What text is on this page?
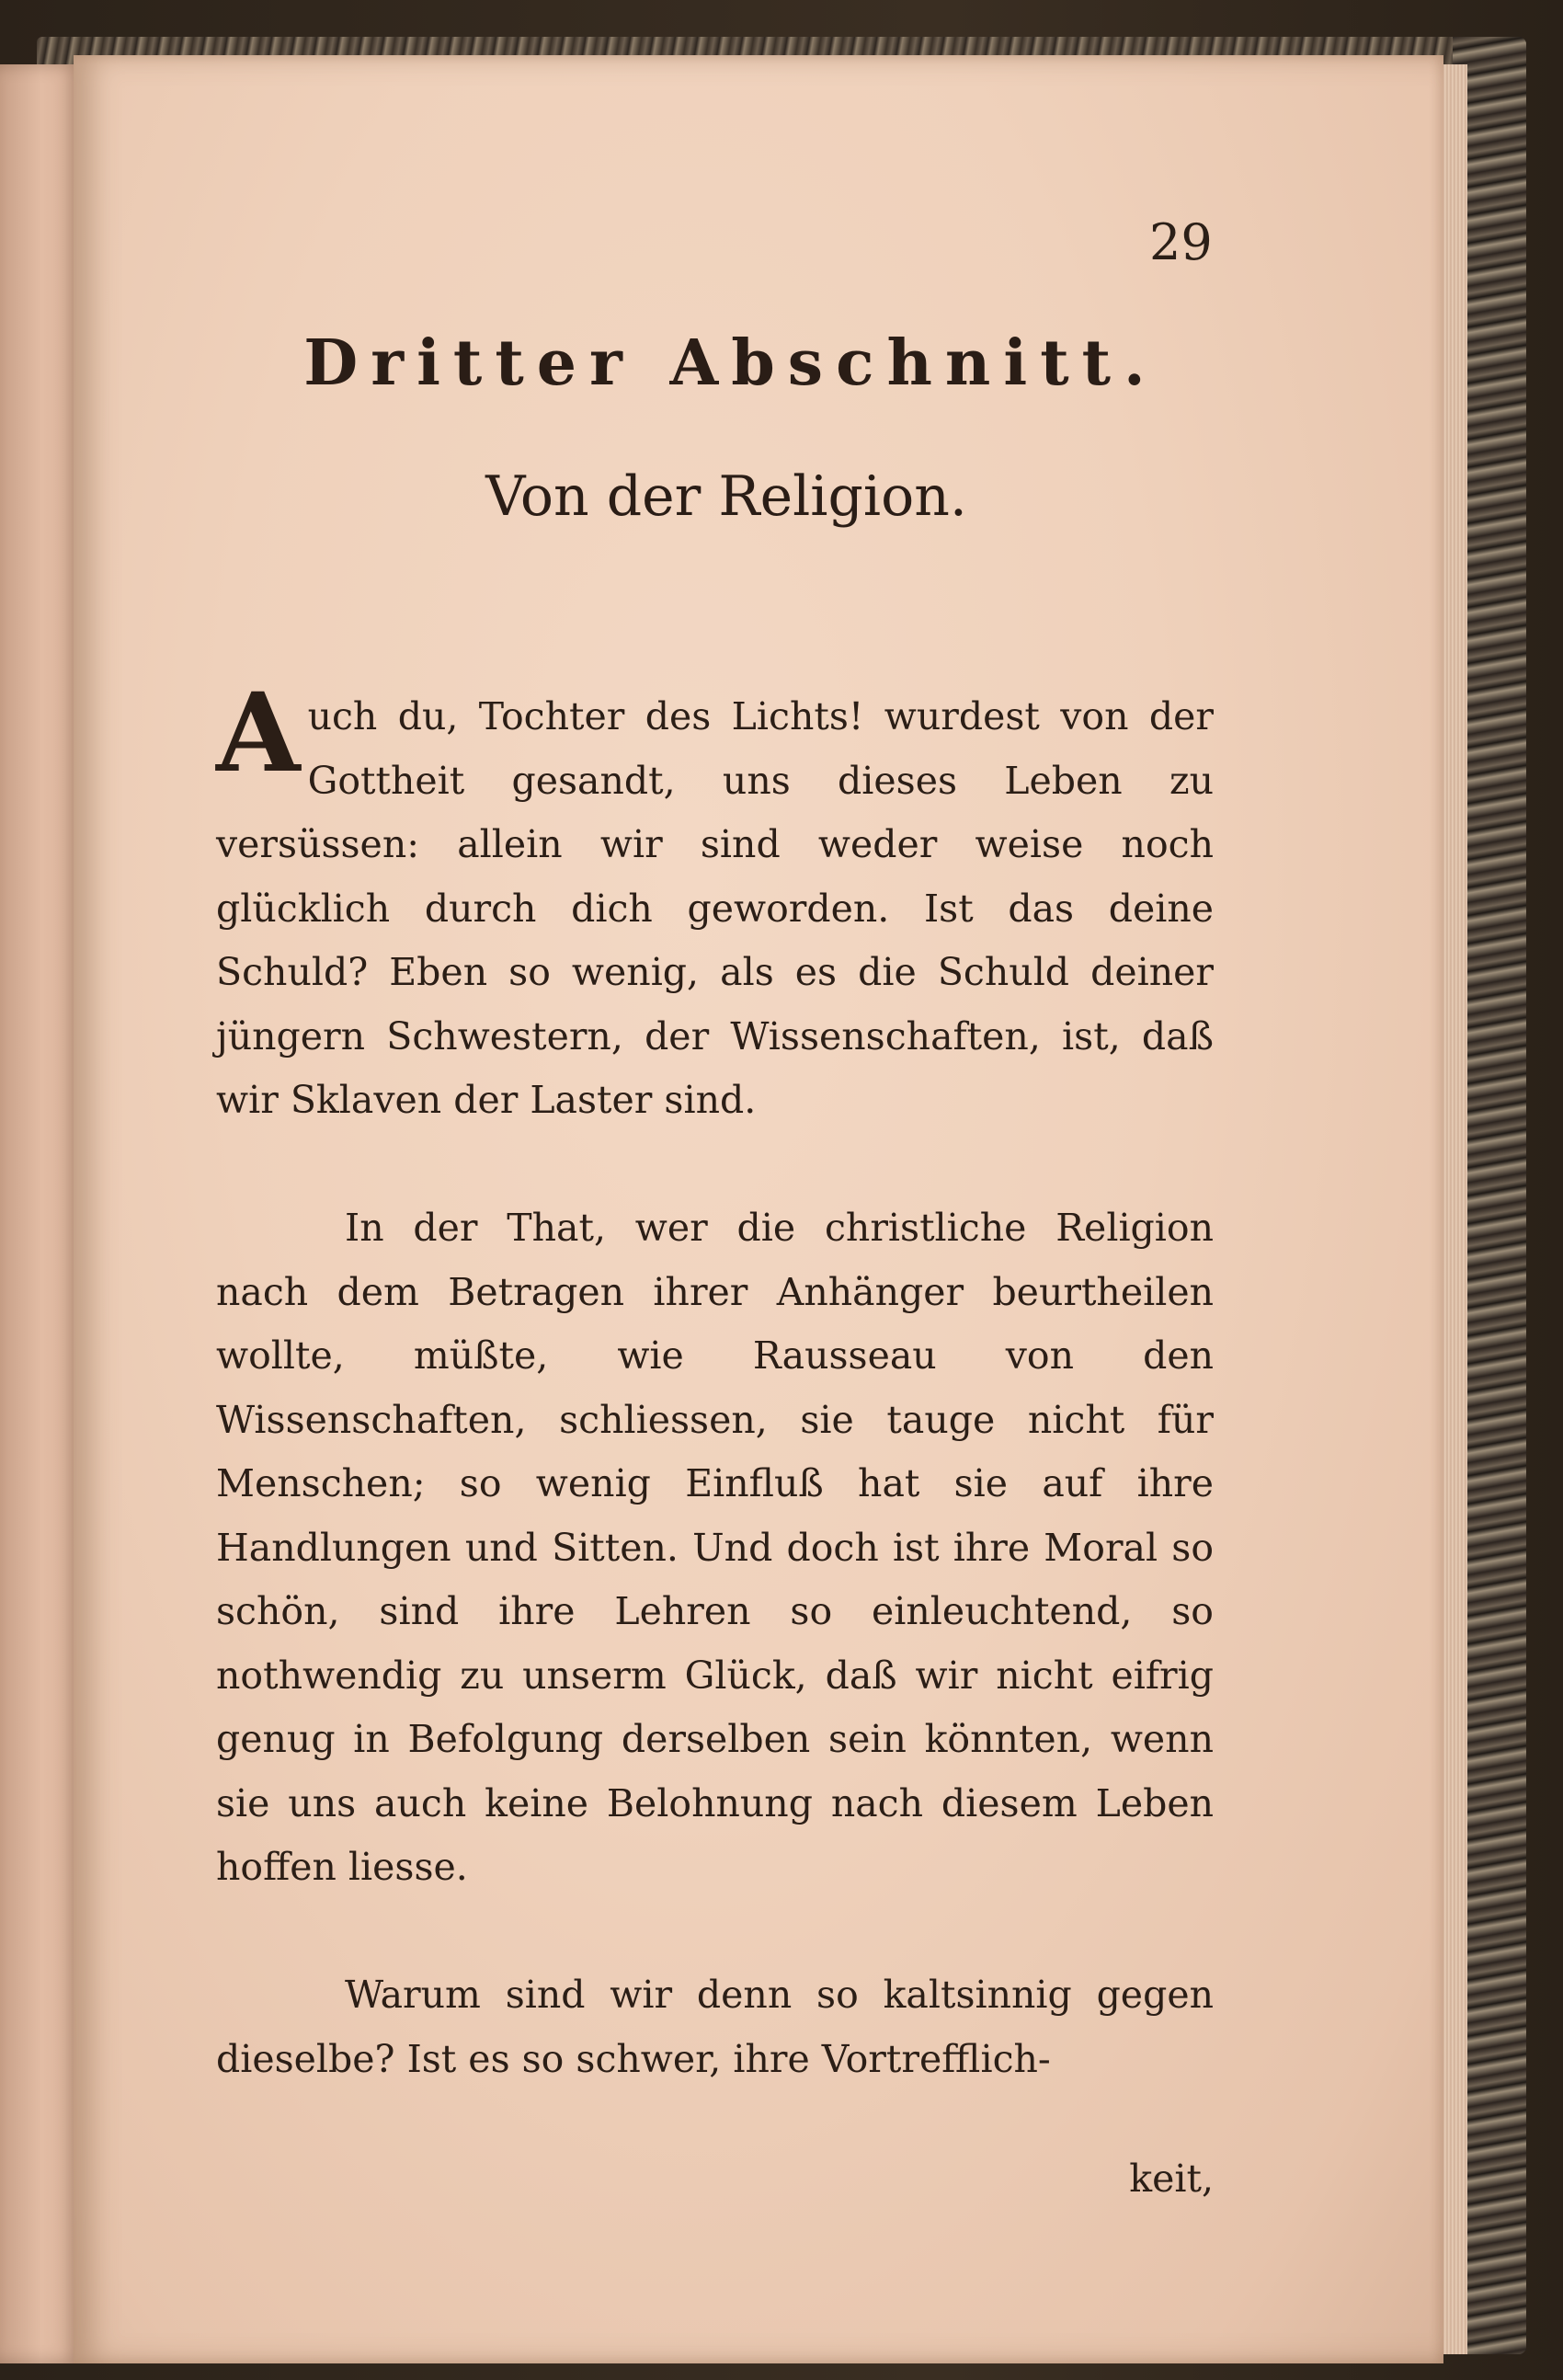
29
Dritter Abschnitt.
Von der Religion.

Auch du, Tochter des Lichts! wurdest von der Gottheit gesandt, uns dieses Leben zu versüssen: allein wir sind weder weise noch glücklich durch dich geworden. Ist das deine Schuld? Eben so wenig, als es die Schuld deiner jüngern Schwestern, der Wissenschaften, ist, daß wir Sklaven der Laster sind.

In der That, wer die christliche Religion nach dem Betragen ihrer Anhänger beurtheilen wollte, müßte, wie Rausseau von den Wissenschaften, schliessen, sie tauge nicht für Menschen; so wenig Einfluß hat sie auf ihre Handlungen und Sitten. Und doch ist ihre Moral so schön, sind ihre Lehren so einleuchtend, so nothwendig zu unserm Glück, daß wir nicht eifrig genug in Befolgung derselben sein könnten, wenn sie uns auch keine Belohnung nach diesem Leben hoffen liesse.

Warum sind wir denn so kaltsinnig gegen dieselbe? Ist es so schwer, ihre Vortrefflich-

keit,
